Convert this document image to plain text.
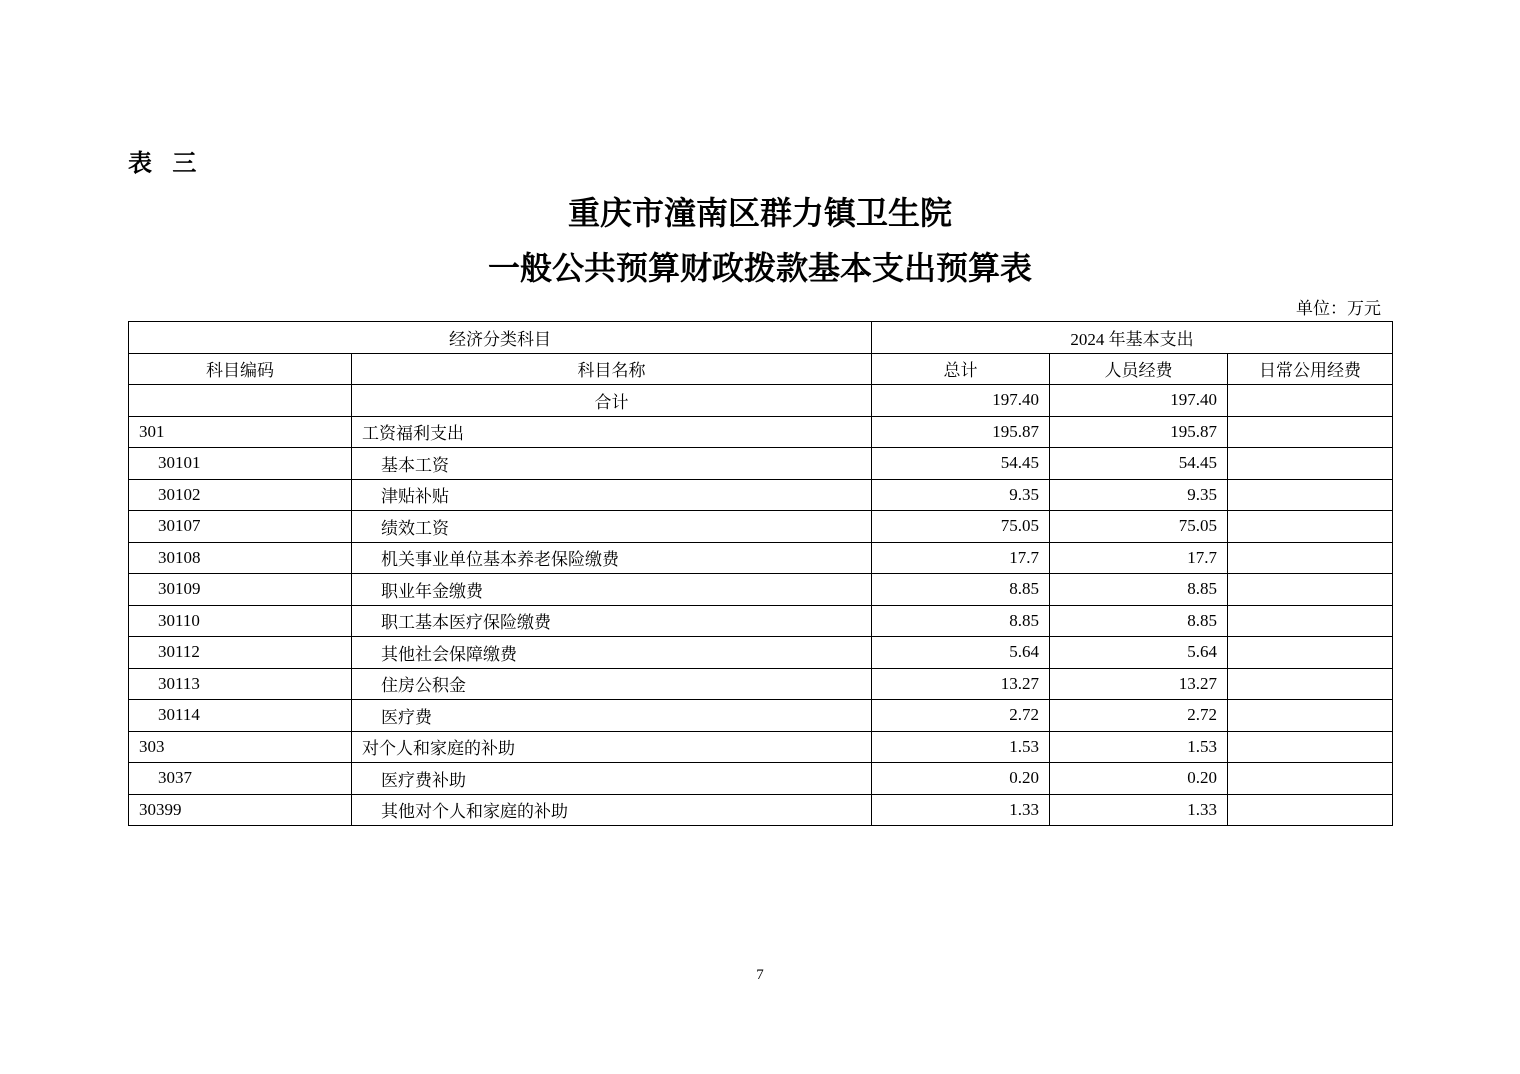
表 三
重庆市潼南区群力镇卫生院
一般公共预算财政拨款基本支出预算表
单位：万元
经济分类科目		2024 年基本支出		
科目编码	科目名称	总计	人员经费	日常公用经费
	合计	197.40	197.40	
301	工资福利支出	195.87	195.87	
30101	基本工资	54.45	54.45	
30102	津贴补贴	9.35	9.35	
30107	绩效工资	75.05	75.05	
30108	机关事业单位基本养老保险缴费	17.7	17.7	
30109	职业年金缴费	8.85	8.85	
30110	职工基本医疗保险缴费	8.85	8.85	
30112	其他社会保障缴费	5.64	5.64	
30113	住房公积金	13.27	13.27	
30114	医疗费	2.72	2.72	
303	对个人和家庭的补助	1.53	1.53	
3037	医疗费补助	0.20	0.20	
30399	其他对个人和家庭的补助	1.33	1.33	
7
